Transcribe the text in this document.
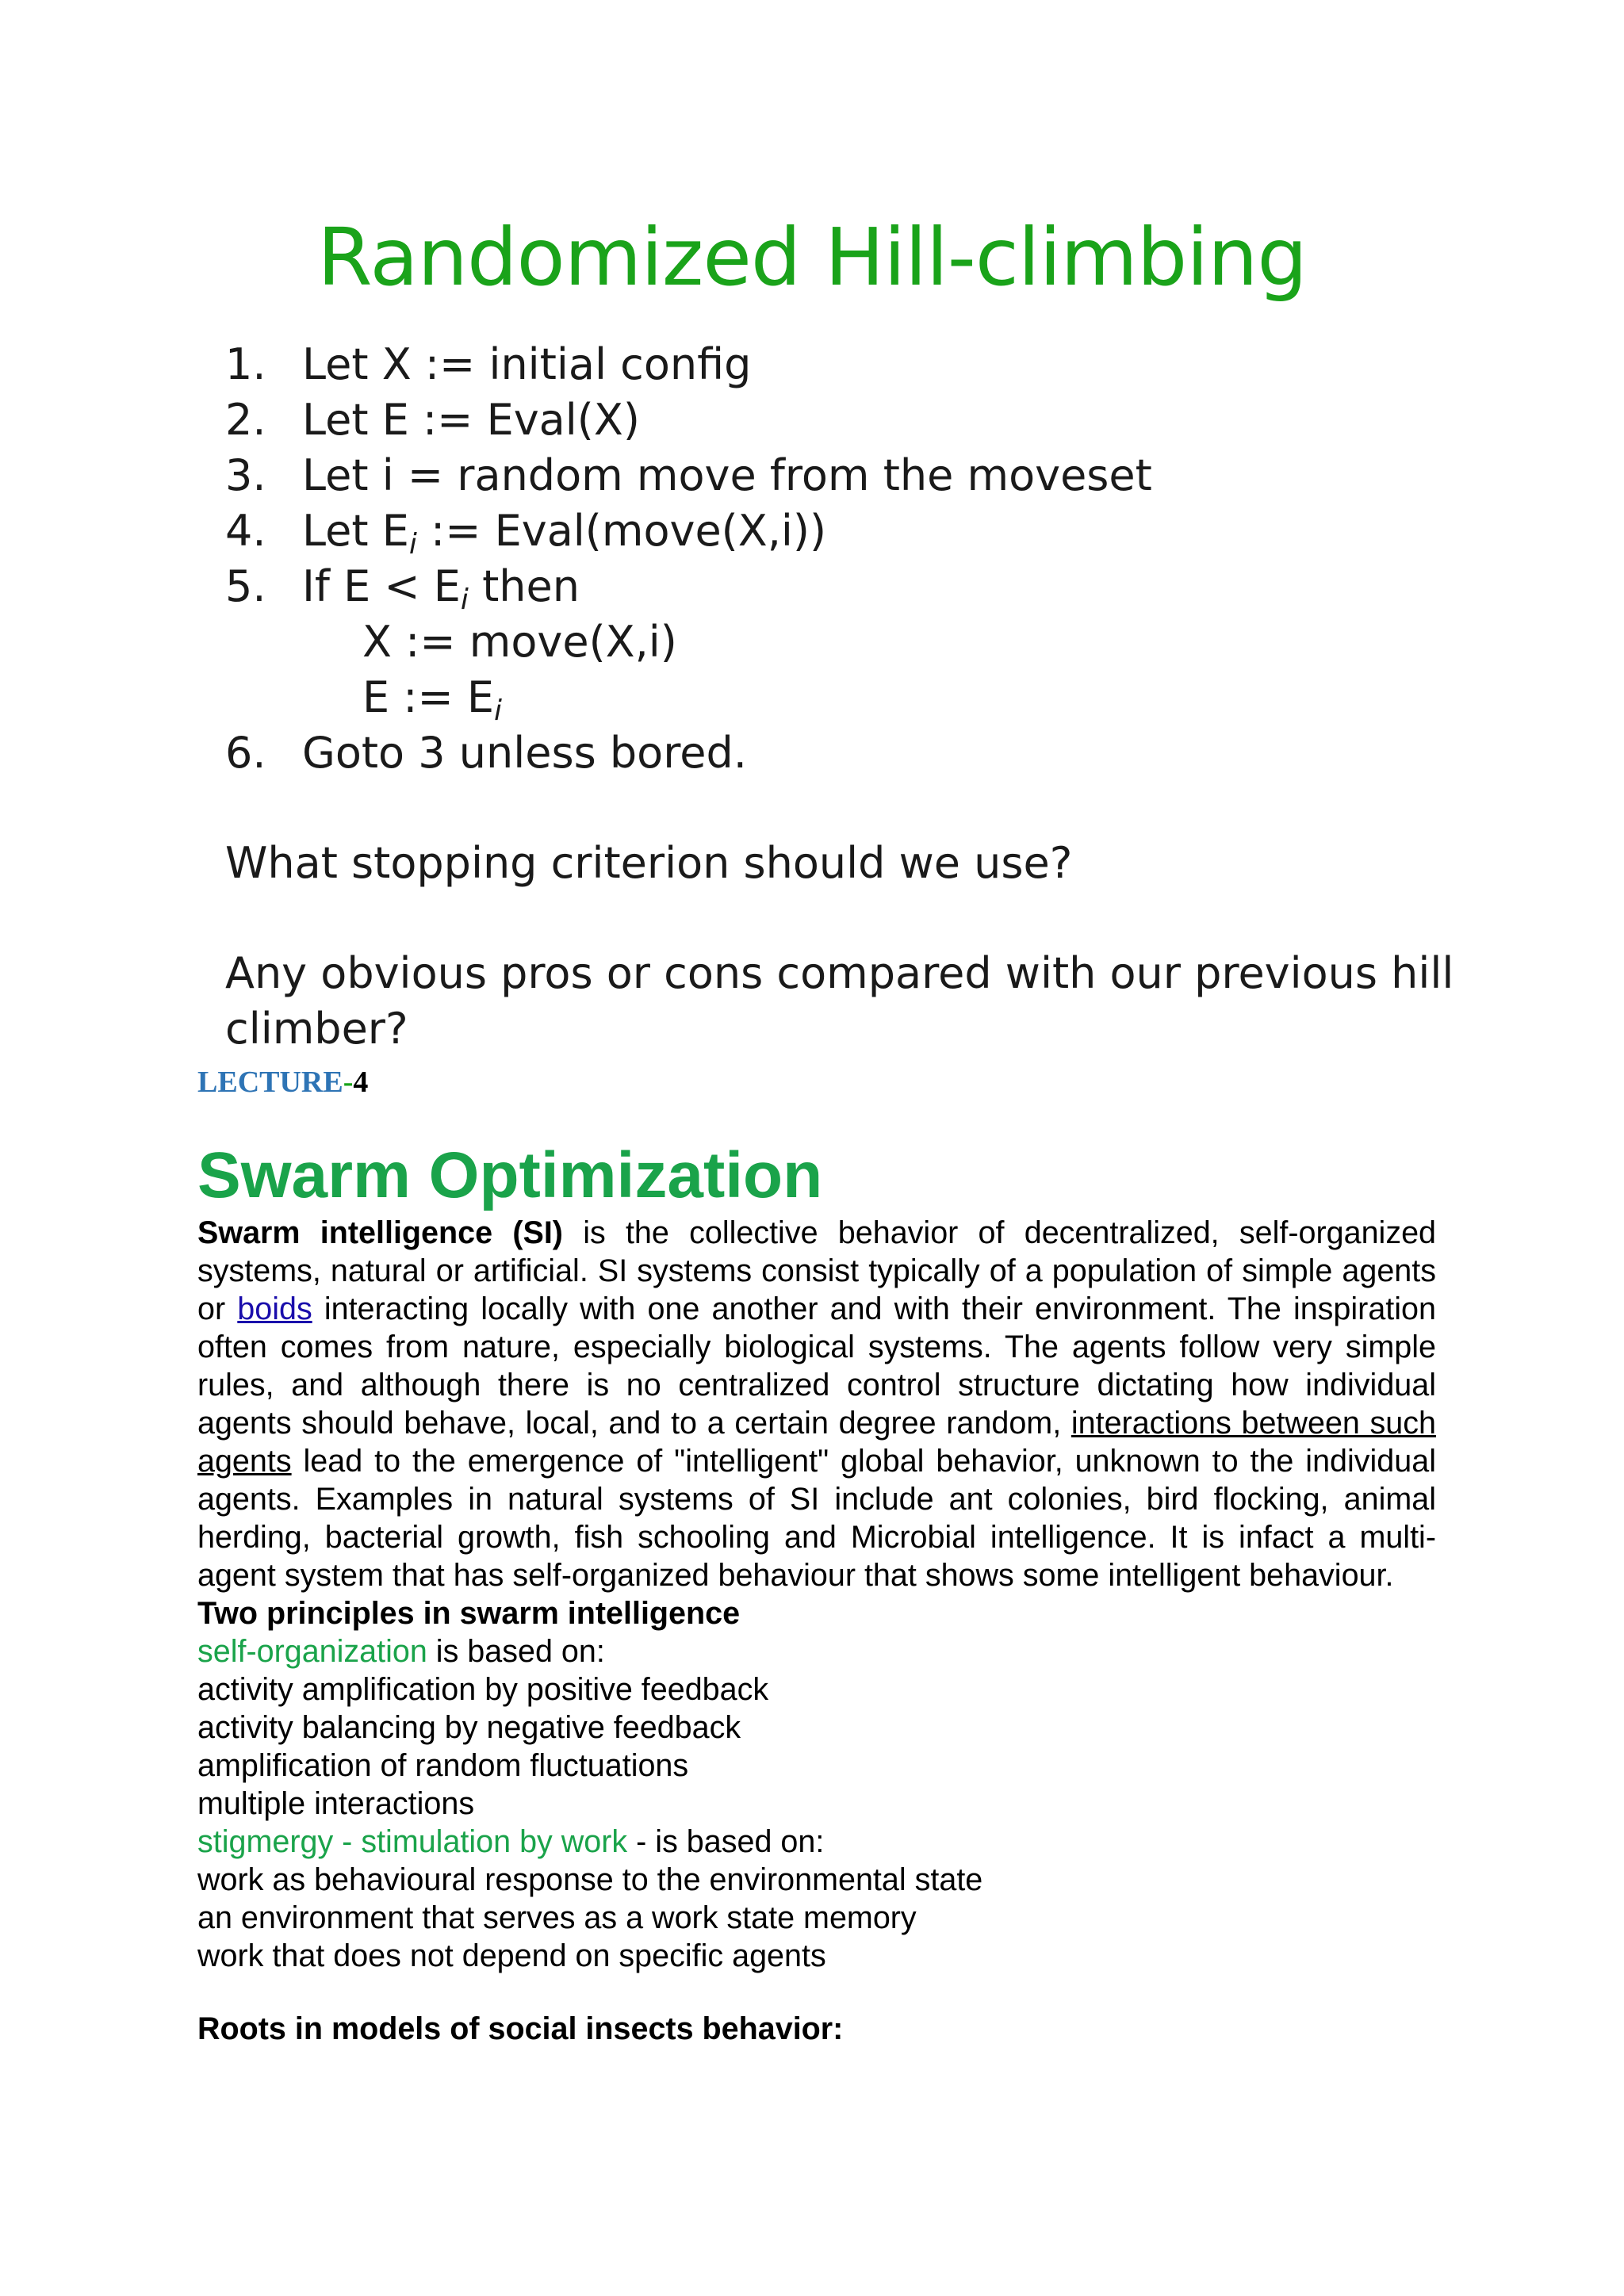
Randomized Hill-climbing
1. Let X := initial config
2. Let E := Eval(X)
3. Let i = random move from the moveset
4. Let $E_i$ := Eval(move(X,i))
5. If $E < E_i$ then
X := move(X,i)
E := $E_i$
6. Goto 3 unless bored.
What stopping criterion should we use?
Any obvious pros or cons compared with our previous hill climber?
LECTURE-4
Swarm Optimization

Swarm intelligence (SI) is the collective behavior of decentralized, self-organized systems, natural or artificial. SI systems consist typically of a population of simple agents or boids interacting locally with one another and with their environment. The inspiration often comes from nature, especially biological systems. The agents follow very simple rules, and although there is no centralized control structure dictating how individual agents should behave, local, and to a certain degree random, interactions between such agents lead to the emergence of "intelligent" global behavior, unknown to the individual agents. Examples in natural systems of SI include ant colonies, bird flocking, animal herding, bacterial growth, fish schooling and Microbial intelligence. It is infact a multi-agent system that has self-organized behaviour that shows some intelligent behaviour.

Two principles in swarm intelligence
self-organization is based on:
activity amplification by positive feedback
activity balancing by negative feedback
amplification of random fluctuations
multiple interactions
stigmergy - stimulation by work - is based on:
work as behavioural response to the environmental state
an environment that serves as a work state memory
work that does not depend on specific agents
Roots in models of social insects behavior:
